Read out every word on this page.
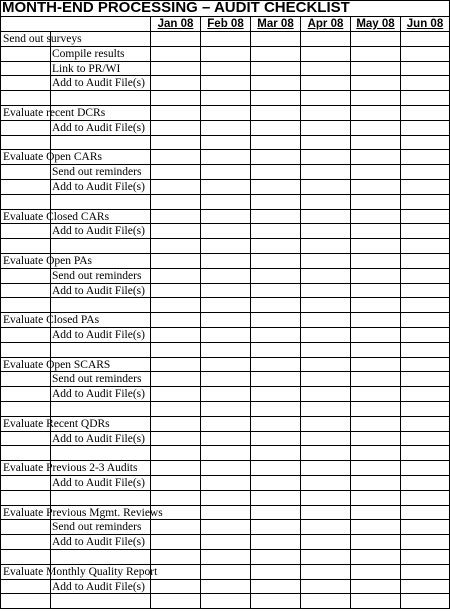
MONTH-END PROCESSING – AUDIT CHECKLIST
Jan 08	Feb 08	Mar 08	Apr 08	May 08	Jun 08
Send out surveys
Compile results
Link to PR/WI
Add to Audit File(s)
Evaluate recent DCRs
Add to Audit File(s)
Evaluate Open CARs
Send out reminders
Add to Audit File(s)
Evaluate Closed CARs
Add to Audit File(s)
Evaluate Open PAs
Send out reminders
Add to Audit File(s)
Evaluate Closed PAs
Add to Audit File(s)
Evaluate Open SCARS
Send out reminders
Add to Audit File(s)
Evaluate Recent QDRs
Add to Audit File(s)
Evaluate Previous 2-3 Audits
Add to Audit File(s)
Evaluate Previous Mgmt. Reviews
Send out reminders
Add to Audit File(s)
Evaluate Monthly Quality Report
Add to Audit File(s)
